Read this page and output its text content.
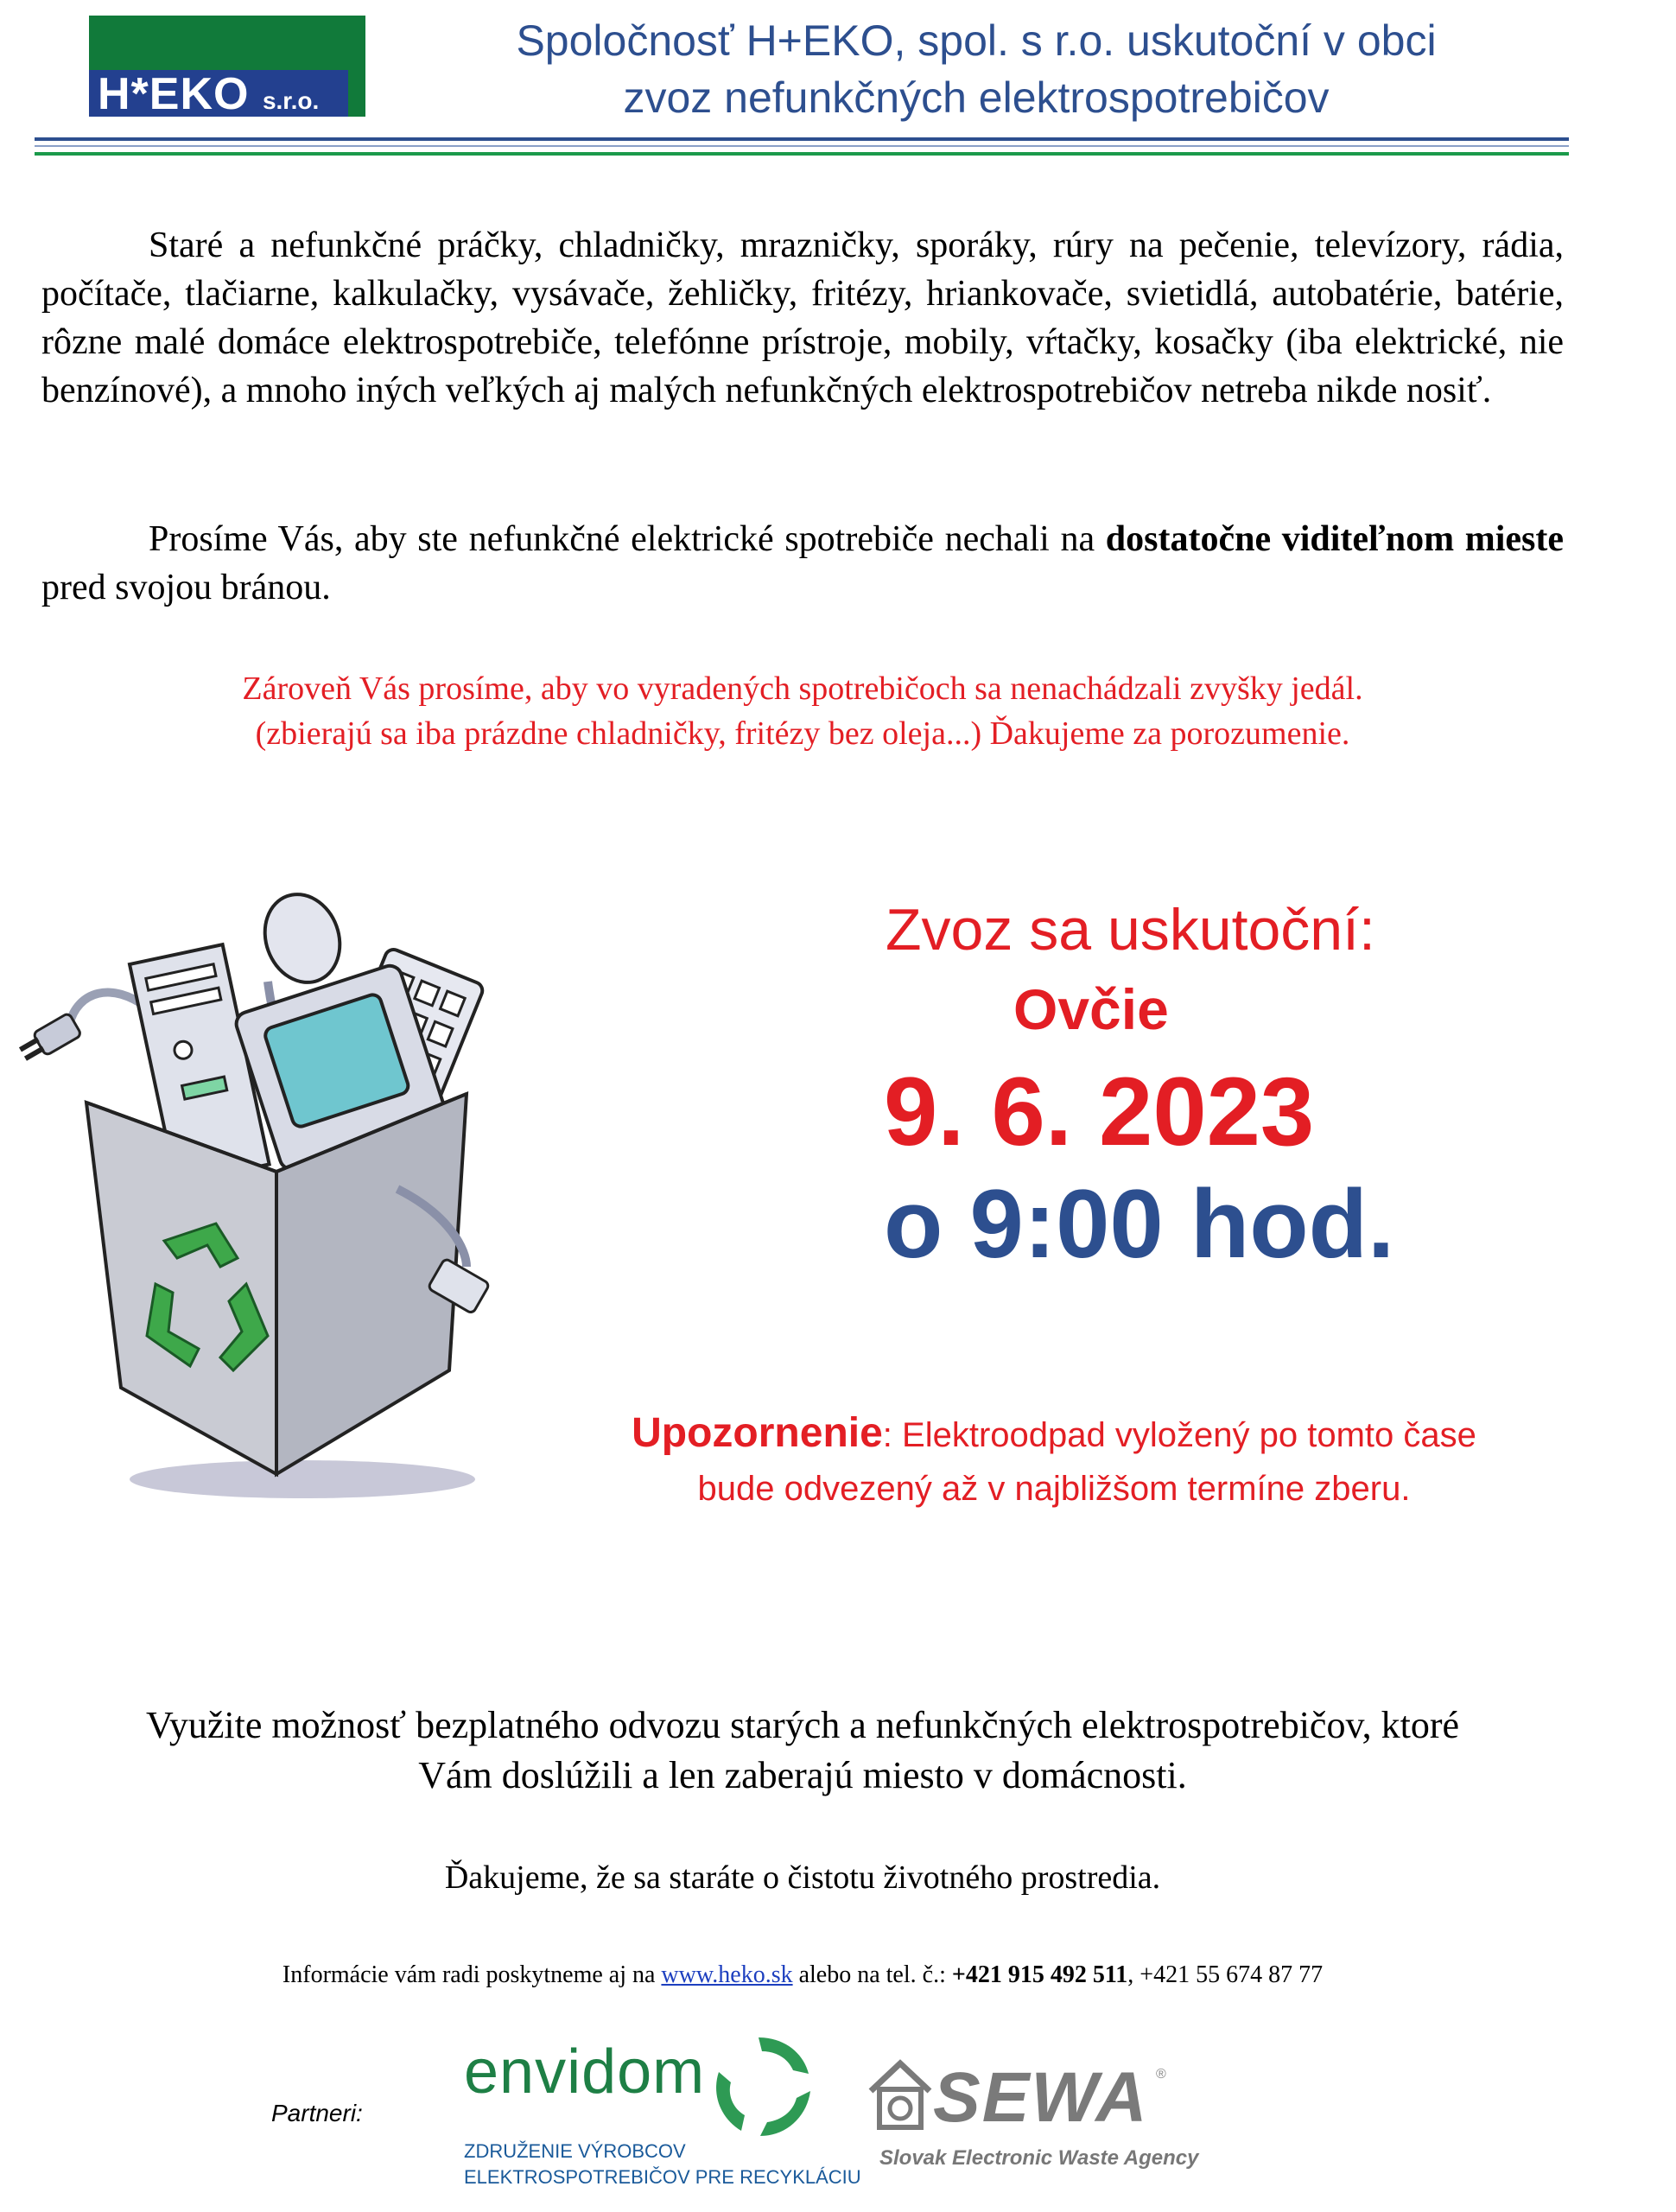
H*EKO s.r.o.
Spoločnosť H+EKO, spol. s r.o. uskutoční v obci
zvoz nefunkčných elektrospotrebičov
Staré a nefunkčné práčky, chladničky, mrazničky, sporáky, rúry na pečenie, televízory, rádia, počítače, tlačiarne, kalkulačky, vysávače, žehličky, fritézy, hriankovače, svietidlá, autobatérie, batérie, rôzne malé domáce elektrospotrebiče, telefónne prístroje, mobily, vŕtačky, kosačky (iba elektrické, nie benzínové), a mnoho iných veľkých aj malých nefunkčných elektrospotrebičov netreba nikde nosiť.
Prosíme Vás, aby ste nefunkčné elektrické spotrebiče nechali na dostatočne viditeľnom mieste pred svojou bránou.
Zároveň Vás prosíme, aby vo vyradených spotrebičoch sa nenachádzali zvyšky jedál.
(zbierajú sa iba prázdne chladničky, fritézy bez oleja...) Ďakujeme za porozumenie.
Zvoz sa uskutoční:
Ovčie
9. 6. 2023
o 9:00 hod.
Upozornenie: Elektroodpad vyložený po tomto čase
bude odvezený až v najbližšom termíne zberu.
Využite možnosť bezplatného odvozu starých a nefunkčných elektrospotrebičov, ktoré
Vám doslúžili a len zaberajú miesto v domácnosti.
Ďakujeme, že sa staráte o čistotu životného prostredia.
Informácie vám radi poskytneme aj na www.heko.sk alebo na tel. č.: +421 915 492 511, +421 55 674 87 77
Partneri:
envidom
ZDRUŽENIE VÝROBCOV
ELEKTROSPOTREBIČOV PRE RECYKLÁCIU
SEWA ®
Slovak Electronic Waste Agency
